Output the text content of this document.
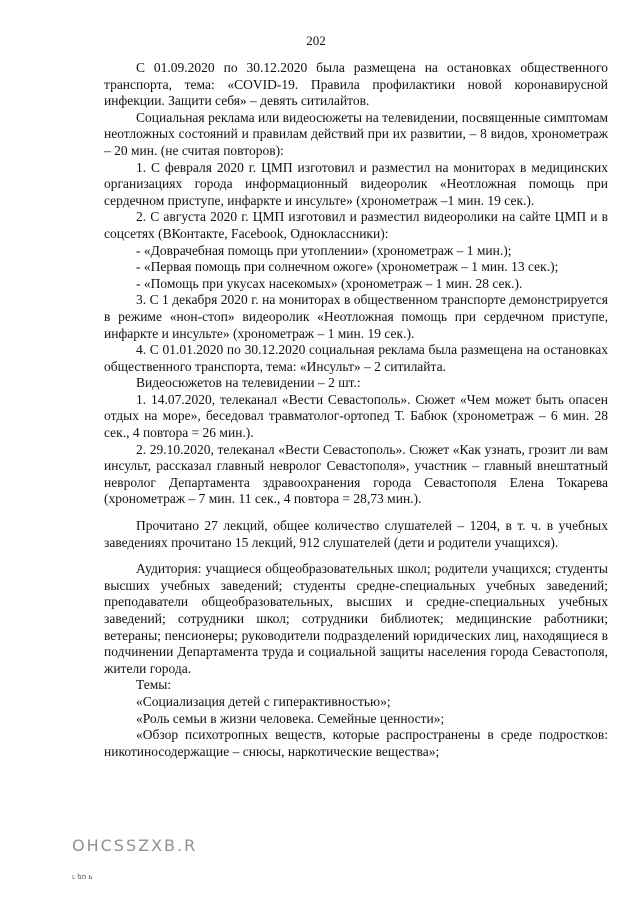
202

С 01.09.2020 по 30.12.2020 была размещена на остановках общественного транспорта, тема: «COVID-19. Правила профилактики новой коронавирусной инфекции. Защити себя» – девять ситилайтов.

Социальная реклама или видеосюжеты на телевидении, посвященные симптомам неотложных состояний и правилам действий при их развитии, – 8 видов, хронометраж – 20 мин. (не считая повторов):

1. С февраля 2020 г. ЦМП изготовил и разместил на мониторах в медицинских организациях города информационный видеоролик «Неотложная помощь при сердечном приступе, инфаркте и инсульте» (хронометраж –1 мин. 19 сек.).

2. С августа 2020 г. ЦМП изготовил и разместил видеоролики на сайте ЦМП и в соцсетях (ВКонтакте, Facebook, Одноклассники):

- «Доврачебная помощь при утоплении» (хронометраж – 1 мин.);

- «Первая помощь при солнечном ожоге» (хронометраж – 1 мин. 13 сек.);

- «Помощь при укусах насекомых» (хронометраж – 1 мин. 28 сек.).

3. С 1 декабря 2020 г. на мониторах в общественном транспорте демонстрируется в режиме «нон-стоп» видеоролик «Неотложная помощь при сердечном приступе, инфаркте и инсульте» (хронометраж – 1 мин. 19 сек.).

4. С 01.01.2020 по 30.12.2020 социальная реклама была размещена на остановках общественного транспорта, тема: «Инсульт» – 2 ситилайта.

Видеосюжетов на телевидении – 2 шт.:

1. 14.07.2020, телеканал «Вести Севастополь». Сюжет «Чем может быть опасен отдых на море», беседовал травматолог-ортопед Т. Бабюк (хронометраж – 6 мин. 28 сек., 4 повтора = 26 мин.).

2. 29.10.2020, телеканал «Вести Севастополь». Сюжет «Как узнать, грозит ли вам инсульт, рассказал главный невролог Севастополя», участник – главный внештатный невролог Департамента здравоохранения города Севастополя Елена Токарева (хронометраж – 7 мин. 11 сек., 4 повтора = 28,73 мин.).

Прочитано 27 лекций, общее количество слушателей – 1204, в т. ч. в учебных заведениях прочитано 15 лекций, 912 слушателей (дети и родители учащихся).

Аудитория: учащиеся общеобразовательных школ; родители учащихся; студенты высших учебных заведений; студенты средне-специальных учебных заведений; преподаватели общеобразовательных, высших и средне-специальных учебных заведений; сотрудники школ; сотрудники библиотек; медицинские работники; ветераны; пенсионеры; руководители подразделений юридических лиц, находящиеся в подчинении Департамента труда и социальной защиты населения города Севастополя, жители города.

Темы:

«Социализация детей с гиперактивностью»;

«Роль семьи в жизни человека. Семейные ценности»;

«Обзор психотропных веществ, которые распространены в среде подростков: никотиносодержащие – снюсы, наркотические вещества»;

OHCSSZXB.R
ւ եռ ь
